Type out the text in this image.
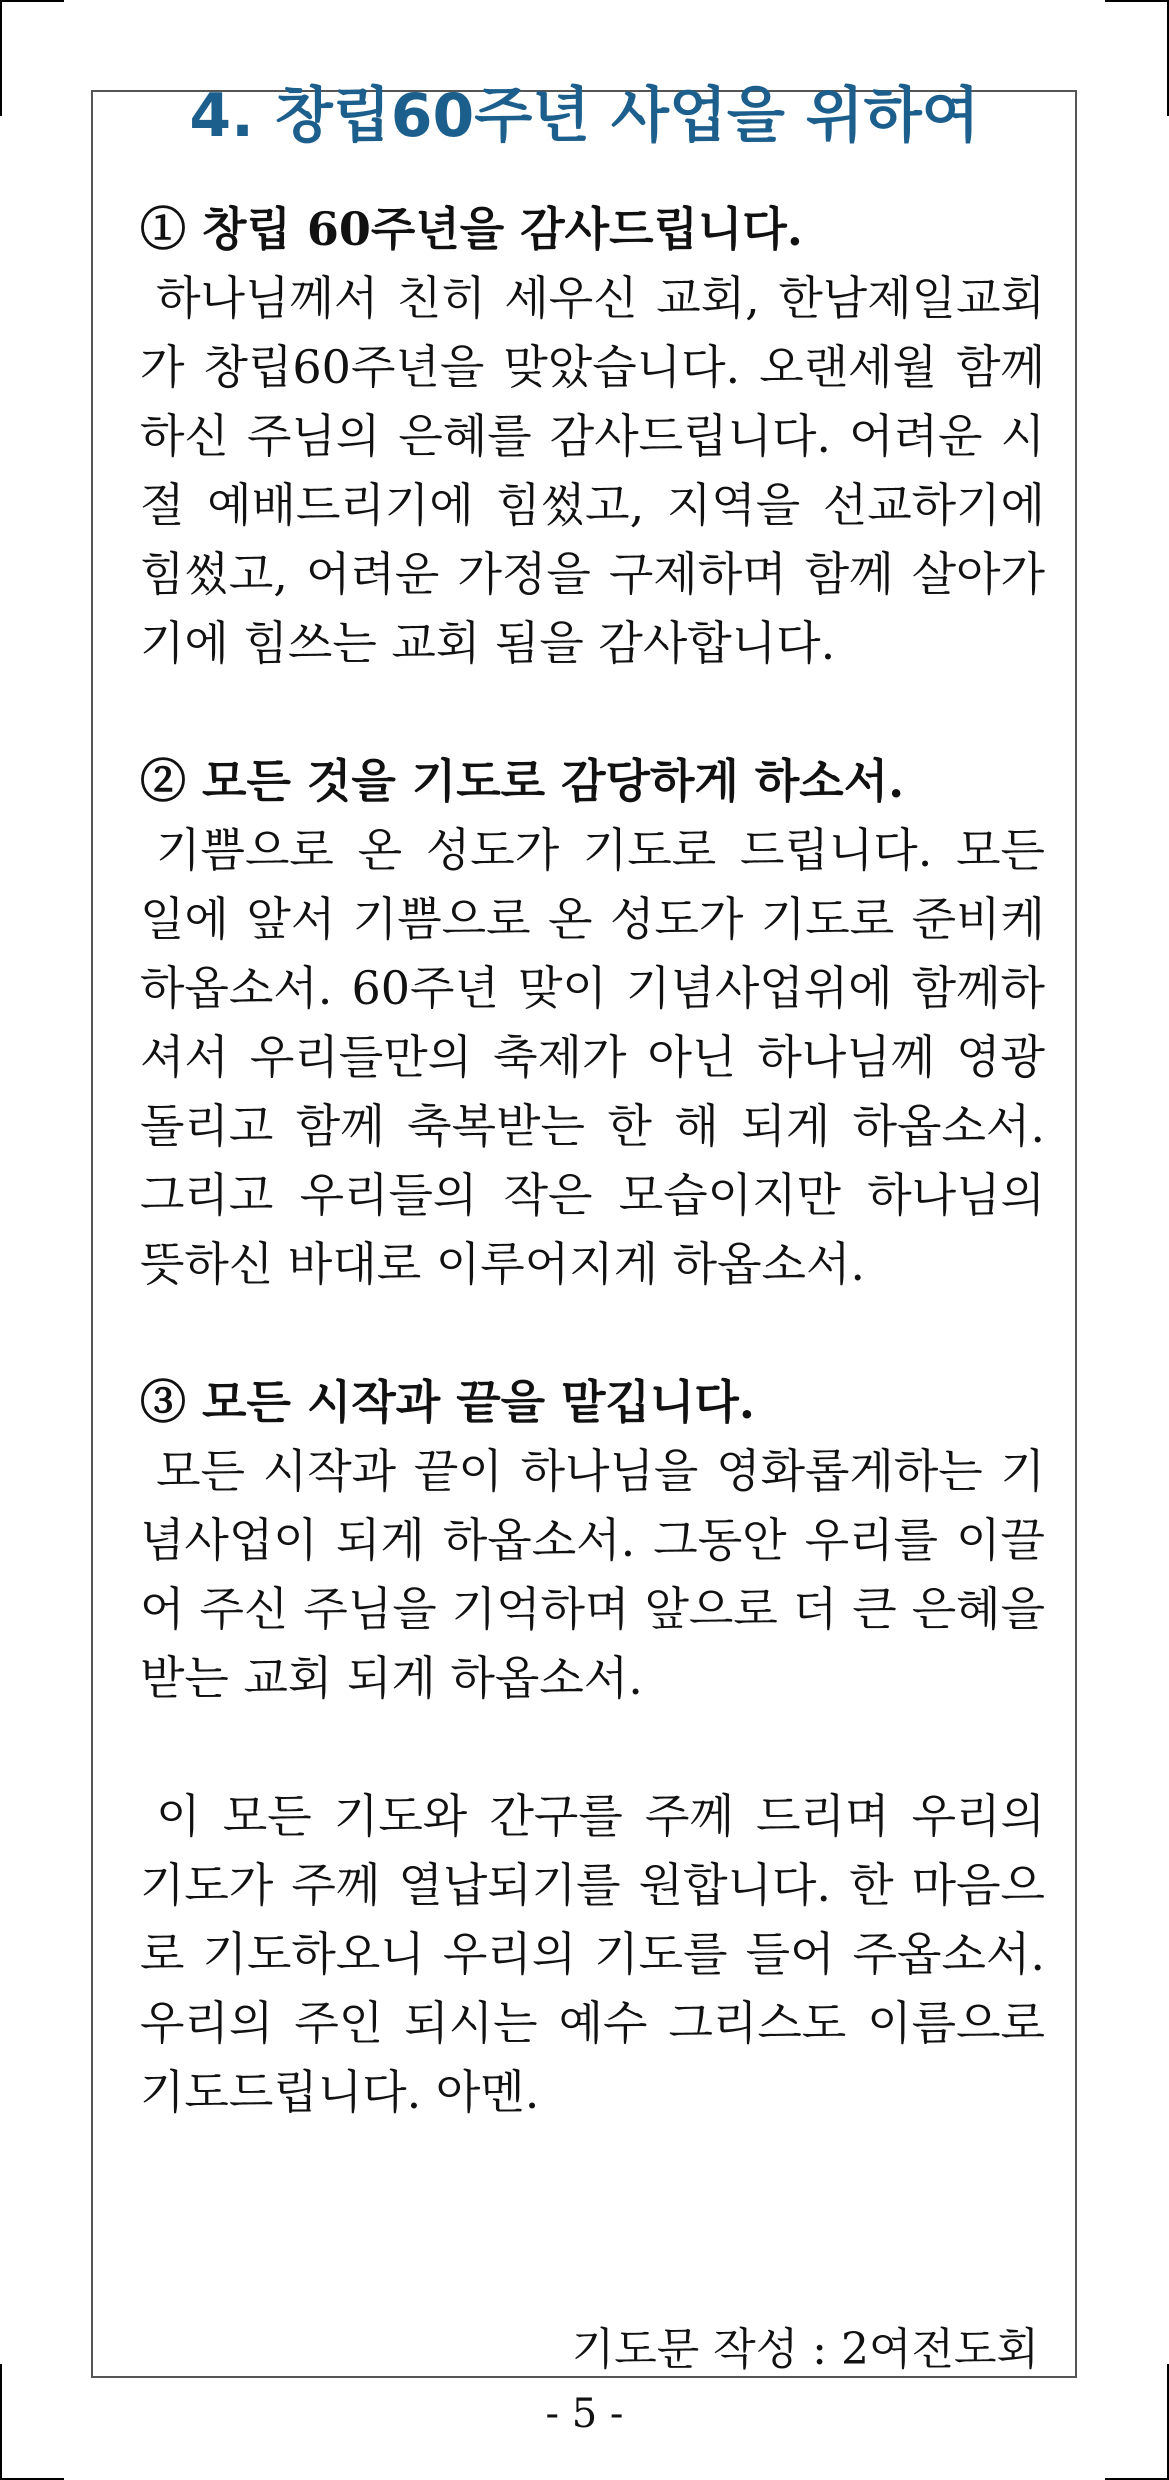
4. 창립60주년 사업을 위하여

① 창립 60주년을 감사드립니다.

하나님께서 친히 세우신 교회, 한남제일교회가 창립60주년을 맞았습니다. 오랜세월 함께 하신 주님의 은혜를 감사드립니다. 어려운 시절 예배드리기에 힘썼고, 지역을 선교하기에 힘썼고, 어려운 가정을 구제하며 함께 살아가기에 힘쓰는 교회 됨을 감사합니다.

② 모든 것을 기도로 감당하게 하소서.

기쁨으로 온 성도가 기도로 드립니다. 모든 일에 앞서 기쁨으로 온 성도가 기도로 준비케 하옵소서. 60주년 맞이 기념사업위에 함께하셔서 우리들만의 축제가 아닌 하나님께 영광 돌리고 함께 축복받는 한 해 되게 하옵소서. 그리고 우리들의 작은 모습이지만 하나님의 뜻하신 바대로 이루어지게 하옵소서.

③ 모든 시작과 끝을 맡깁니다.

모든 시작과 끝이 하나님을 영화롭게하는 기념사업이 되게 하옵소서. 그동안 우리를 이끌어 주신 주님을 기억하며 앞으로 더 큰 은혜을 받는 교회 되게 하옵소서.

이 모든 기도와 간구를 주께 드리며 우리의 기도가 주께 열납되기를 원합니다. 한 마음으로 기도하오니 우리의 기도를 들어 주옵소서. 우리의 주인 되시는 예수 그리스도 이름으로 기도드립니다. 아멘.

기도문 작성 : 2여전도회

- 5 -
